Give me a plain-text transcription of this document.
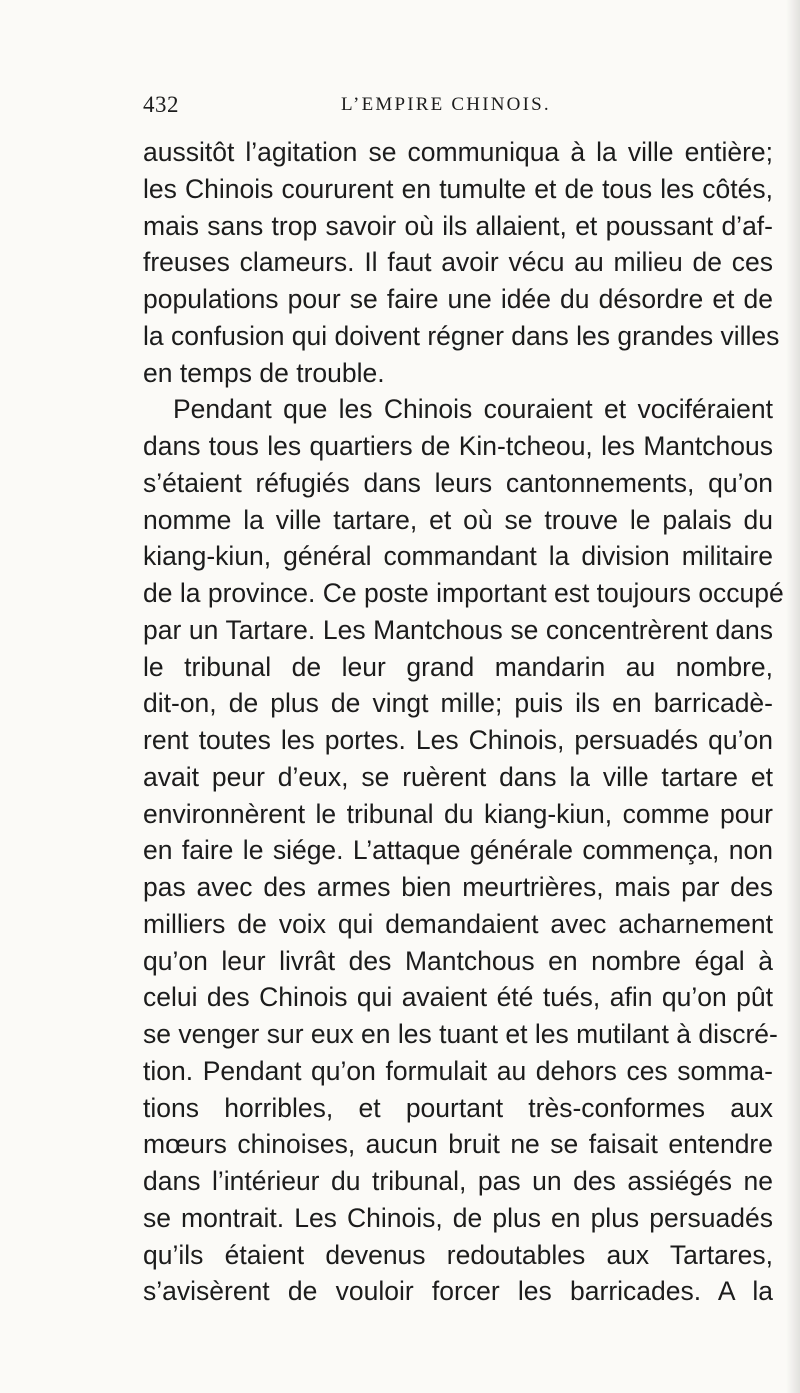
432	L’EMPIRE CHINOIS.
aussitôt l’agitation se communiqua à la ville entière;
les Chinois coururent en tumulte et de tous les côtés,
mais sans trop savoir où ils allaient, et poussant d’af-
freuses clameurs. Il faut avoir vécu au milieu de ces
populations pour se faire une idée du désordre et de
la confusion qui doivent régner dans les grandes villes
en temps de trouble.
Pendant que les Chinois couraient et vociféraient
dans tous les quartiers de Kin-tcheou, les Mantchous
s’étaient réfugiés dans leurs cantonnements, qu’on
nomme la ville tartare, et où se trouve le palais du
kiang-kiun, général commandant la division militaire
de la province. Ce poste important est toujours occupé
par un Tartare. Les Mantchous se concentrèrent dans
le tribunal de leur grand mandarin au nombre,
dit-on, de plus de vingt mille; puis ils en barricadè-
rent toutes les portes. Les Chinois, persuadés qu’on
avait peur d’eux, se ruèrent dans la ville tartare et
environnèrent le tribunal du kiang-kiun, comme pour
en faire le siége. L’attaque générale commença, non
pas avec des armes bien meurtrières, mais par des
milliers de voix qui demandaient avec acharnement
qu’on leur livrât des Mantchous en nombre égal à
celui des Chinois qui avaient été tués, afin qu’on pût
se venger sur eux en les tuant et les mutilant à discré-
tion. Pendant qu’on formulait au dehors ces somma-
tions horribles, et pourtant très-conformes aux
mœurs chinoises, aucun bruit ne se faisait entendre
dans l’intérieur du tribunal, pas un des assiégés ne
se montrait. Les Chinois, de plus en plus persuadés
qu’ils étaient devenus redoutables aux Tartares,
s’avisèrent de vouloir forcer les barricades. A la
